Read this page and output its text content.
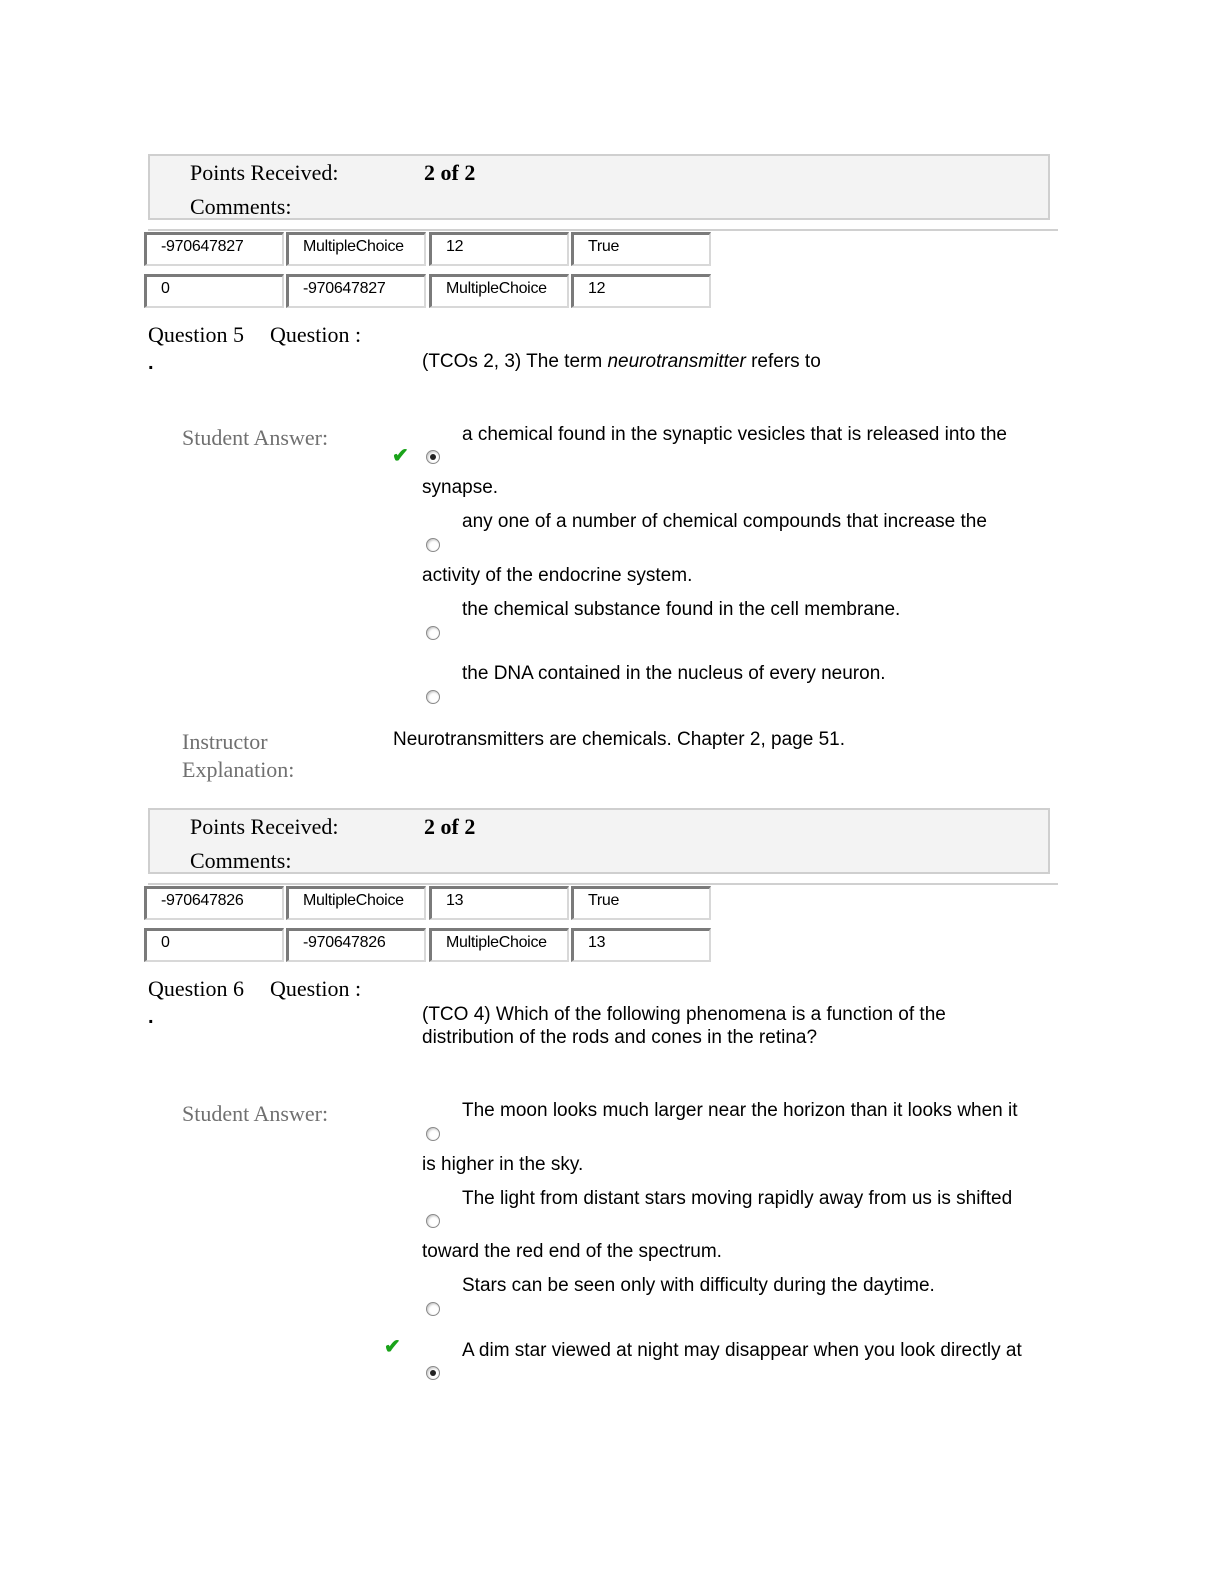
Points Received:	2 of 2
Comments:
-970647827	MultipleChoice	12	True
0	-970647827	MultipleChoice	12
Question 5 Question :
.	(TCOs 2, 3) The term neurotransmitter refers to
Student Answer:
✔
a chemical found in the synaptic vesicles that is released into the
synapse.
any one of a number of chemical compounds that increase the
activity of the endocrine system.
the chemical substance found in the cell membrane.
the DNA contained in the nucleus of every neuron.
Instructor
Explanation:
Neurotransmitters are chemicals. Chapter 2, page 51.
Points Received:	2 of 2
Comments:
-970647826	MultipleChoice	13	True
0	-970647826	MultipleChoice	13
Question 6 Question :
.	(TCO 4) Which of the following phenomena is a function of the
distribution of the rods and cones in the retina?
Student Answer:	The moon looks much larger near the horizon than it looks when it
is higher in the sky.
The light from distant stars moving rapidly away from us is shifted
toward the red end of the spectrum.
Stars can be seen only with difficulty during the daytime.
✔	A dim star viewed at night may disappear when you look directly at
